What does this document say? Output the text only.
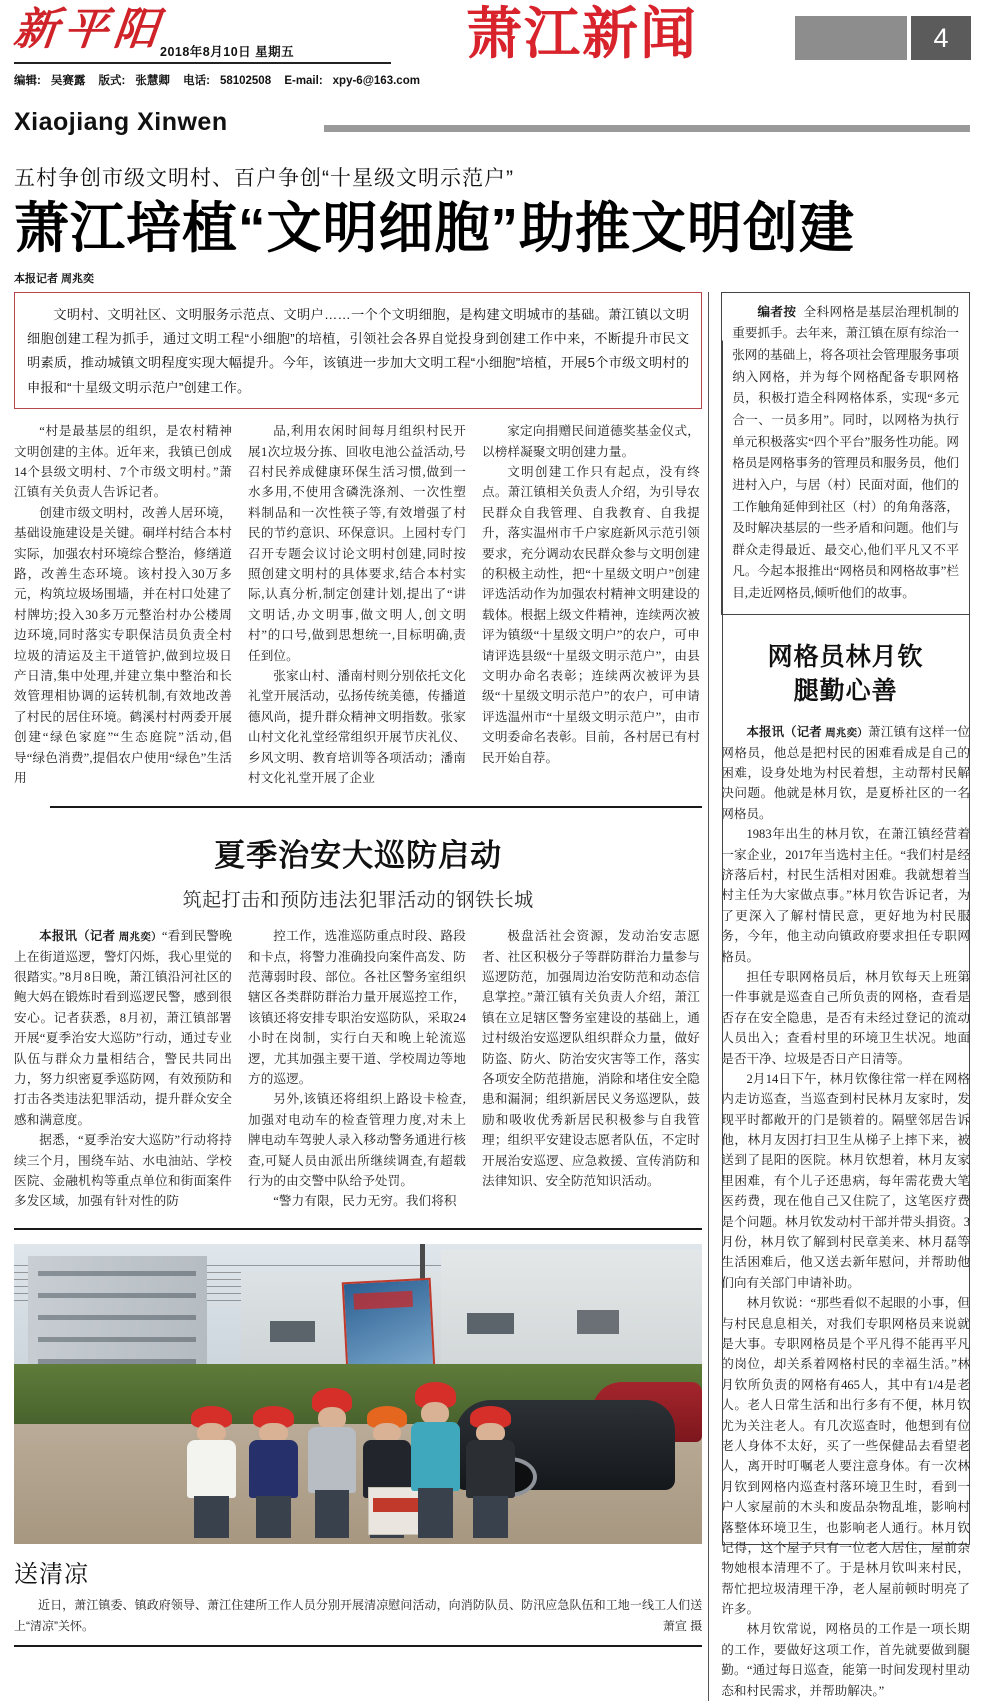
新平阳
2018年8月10日 星期五
编辑: 吴赛露 版式: 张慧卿 电话: 58102508 E-mail: xpy-6@163.com
萧江新闻	4
Xiaojiang Xinwen
五村争创市级文明村、百户争创“十星级文明示范户”
萧江培植“文明细胞”助推文明创建
本报记者 周兆奕

文明村、文明社区、文明服务示范点、文明户……一个个文明细胞，是构建文明城市的基础。萧江镇以文明细胞创建工程为抓手，通过文明工程“小细胞”的培植，引领社会各界自觉投身到创建工作中来，不断提升市民文明素质，推动城镇文明程度实现大幅提升。今年，该镇进一步加大文明工程“小细胞”培植，开展5个市级文明村的申报和“十星级文明示范户”创建工作。

“村是最基层的组织，是农村精神文明创建的主体。近年来，我镇已创成14个县级文明村、7个市级文明村。”萧江镇有关负责人告诉记者。

创建市级文明村，改善人居环境，基础设施建设是关键。硐垟村结合本村实际，加强农村环境综合整治，修缮道路，改善生态环境。该村投入30万多元，构筑垃圾场围墙，并在村口处建了村牌坊;投入30多万元整治村办公楼周边环境,同时落实专职保洁员负责全村垃圾的清运及主干道管护,做到垃圾日产日清,集中处理,并建立集中整治和长效管理相协调的运转机制,有效地改善了村民的居住环境。鹤溪村村两委开展创建“绿色家庭”“生态庭院”活动,倡导“绿色消费”,提倡农户使用“绿色”生活用

品,利用农闲时间每月组织村民开展1次垃圾分拣、回收电池公益活动,号召村民养成健康环保生活习惯,做到一水多用,不使用含磷洗涤剂、一次性塑料制品和一次性筷子等,有效增强了村民的节约意识、环保意识。上园村专门召开专题会议讨论文明村创建,同时按照创建文明村的具体要求,结合本村实际,认真分析,制定创建计划,提出了“讲文明话,办文明事,做文明人,创文明村”的口号,做到思想统一,目标明确,责任到位。

张家山村、潘南村则分别依托文化礼堂开展活动，弘扬传统美德，传播道德风尚，提升群众精神文明指数。张家山村文化礼堂经常组织开展节庆礼仪、乡风文明、教育培训等各项活动；潘南村文化礼堂开展了企业

家定向捐赠民间道德奖基金仪式，以榜样凝聚文明创建力量。

文明创建工作只有起点，没有终点。萧江镇相关负责人介绍，为引导农民群众自我管理、自我教育、自我提升，落实温州市千户家庭新风示范引领要求，充分调动农民群众参与文明创建的积极主动性，把“十星级文明户”创建评选活动作为加强农村精神文明建设的载体。根据上级文件精神，连续两次被评为镇级“十星级文明户”的农户，可申请评选县级“十星级文明示范户”，由县文明办命名表彰；连续两次被评为县级“十星级文明示范户”的农户，可申请评选温州市“十星级文明示范户”，由市文明委命名表彰。目前，各村居已有村民开始自荐。

夏季治安大巡防启动
筑起打击和预防违法犯罪活动的钢铁长城

本报讯（记者 周兆奕）“看到民警晚上在街道巡逻，警灯闪烁，我心里觉的很踏实。”8月8日晚，萧江镇沿河社区的鲍大妈在锻炼时看到巡逻民警，感到很安心。记者获悉，8月初，萧江镇部署开展“夏季治安大巡防”行动，通过专业队伍与群众力量相结合，警民共同出力，努力织密夏季巡防网，有效预防和打击各类违法犯罪活动，提升群众安全感和满意度。

据悉，“夏季治安大巡防”行动将持续三个月，围绕车站、水电油站、学校医院、金融机构等重点单位和街面案件多发区域，加强有针对性的防

控工作，选准巡防重点时段、路段和卡点，将警力准确投向案件高发、防范薄弱时段、部位。各社区警务室组织辖区各类群防群治力量开展巡控工作，该镇还将安排专职治安巡防队，采取24小时在岗制，实行白天和晚上轮流巡逻，尤其加强主要干道、学校周边等地方的巡逻。

另外,该镇还将组织上路设卡检查,加强对电动车的检查管理力度,对未上牌电动车驾驶人录入移动警务通进行核查,可疑人员由派出所继续调查,有超载行为的由交警中队给予处罚。

“警力有限，民力无穷。我们将积

极盘活社会资源，发动治安志愿者、社区积极分子等群防群治力量参与巡逻防范，加强周边治安防范和动态信息掌控。”萧江镇有关负责人介绍，萧江镇在立足辖区警务室建设的基础上，通过村级治安巡逻队组织群众力量，做好防盗、防火、防治安灾害等工作，落实各项安全防范措施，消除和堵住安全隐患和漏洞；组织新居民义务巡逻队，鼓励和吸收优秀新居民积极参与自我管理；组织平安建设志愿者队伍，不定时开展治安巡逻、应急救援、宣传消防和法律知识、安全防范知识活动。

送清凉

近日，萧江镇委、镇政府领导、萧江住建所工作人员分别开展清凉慰问活动，向消防队员、防汛应急队伍和工地一线工人们送上“清凉”关怀。	萧宣 摄

编者按 全科网格是基层治理机制的重要抓手。去年来，萧江镇在原有综治一张网的基础上，将各项社会管理服务事项纳入网格，并为每个网格配备专职网格员，积极打造全科网格体系，实现“多元合一、一员多用”。同时，以网格为执行单元积极落实“四个平台”服务性功能。网格员是网格事务的管理员和服务员，他们进村入户，与居（村）民面对面，他们的工作触角延伸到社区（村）的角角落落，及时解决基层的一些矛盾和问题。他们与群众走得最近、最交心,他们平凡又不平凡。今起本报推出“网格员和网格故事”栏目,走近网格员,倾听他们的故事。

网格员林月钦
腿勤心善

本报讯（记者 周兆奕）萧江镇有这样一位网格员，他总是把村民的困难看成是自己的困难，设身处地为村民着想，主动帮村民解决问题。他就是林月钦，是夏桥社区的一名网格员。

1983年出生的林月钦，在萧江镇经营着一家企业，2017年当选村主任。“我们村是经济落后村，村民生活相对困难。我就想着当村主任为大家做点事。”林月钦告诉记者，为了更深入了解村情民意，更好地为村民服务，今年，他主动向镇政府要求担任专职网格员。

担任专职网格员后，林月钦每天上班第一件事就是巡查自己所负责的网格，查看是否存在安全隐患，是否有未经过登记的流动人员出入；查看村里的环境卫生状况。地面是否干净、垃圾是否日产日清等。

2月14日下午，林月钦像往常一样在网格内走访巡查，当巡查到村民林月友家时，发现平时都敞开的门是锁着的。隔壁邻居告诉他，林月友因打扫卫生从梯子上摔下来，被送到了昆阳的医院。林月钦想着，林月友家里困难，有个儿子还患病，每年需花费大笔医药费，现在他自己又住院了，这笔医疗费是个问题。林月钦发动村干部并带头捐资。3月份，林月钦了解到村民章美来、林月磊等生活困难后，他又送去新年慰问，并帮助他们向有关部门申请补助。

林月钦说：“那些看似不起眼的小事，但与村民息息相关，对我们专职网格员来说就是大事。专职网格员是个平凡得不能再平凡的岗位，却关系着网格村民的幸福生活。”林月钦所负责的网格有465人，其中有1/4是老人。老人日常生活和出行多有不便，林月钦尤为关注老人。有几次巡查时，他想到有位老人身体不太好，买了一些保健品去看望老人，离开时叮嘱老人要注意身体。有一次林月钦到网格内巡查村落环境卫生时，看到一户人家屋前的木头和废品杂物乱堆，影响村落整体环境卫生，也影响老人通行。林月钦记得，这个屋子只有一位老人居住，屋前杂物她根本清理不了。于是林月钦叫来村民，帮忙把垃圾清理干净，老人屋前顿时明亮了许多。

林月钦常说，网格员的工作是一项长期的工作，要做好这项工作，首先就要做到腿勤。“通过每日巡查，能第一时间发现村里动态和村民需求，并帮助解决。”
